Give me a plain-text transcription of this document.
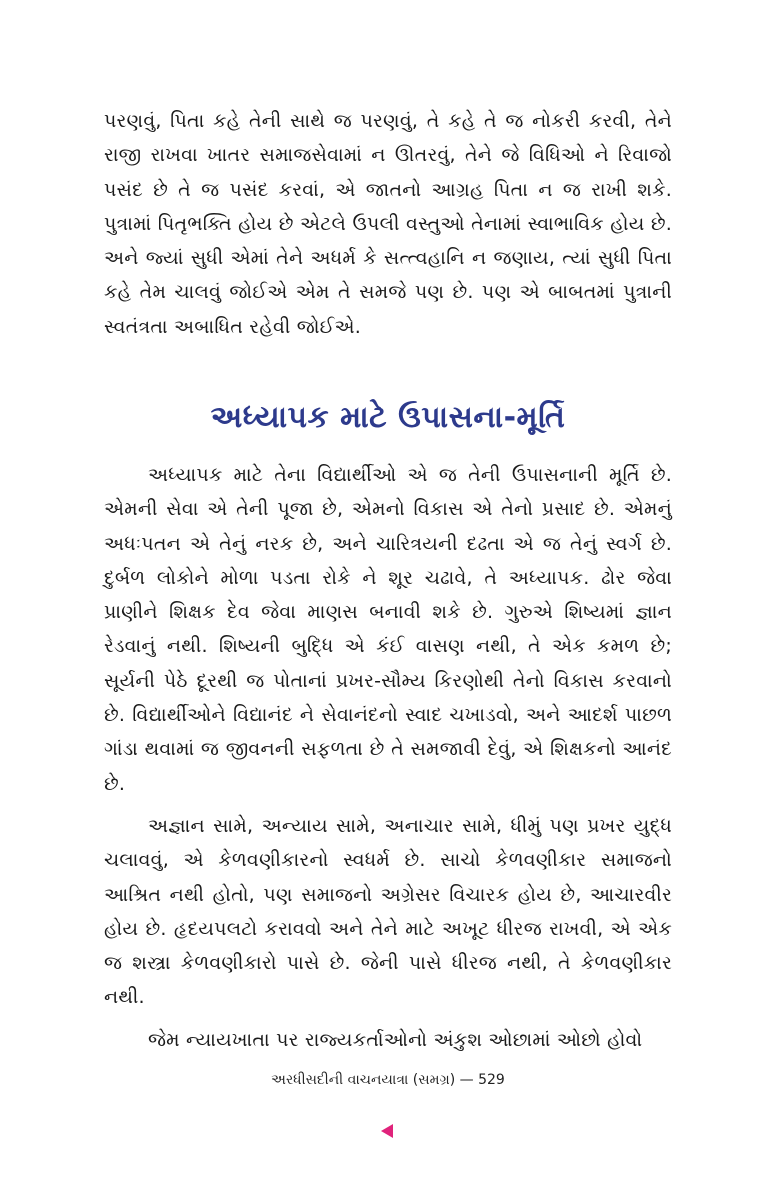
પરણવું, પિતા કહે તેની સાથે જ પરણવું, તે કહે તે જ નોકરી કરવી, તેને રાજી રાખવા ખાતર સમાજસેવામાં ન ઊતરવું, તેને જે વિધિઓ ને રિવાજો પસંદ છે તે જ પસંદ કરવાં, એ જાતનો આગ્રહ પિતા ન જ રાખી શકે. પુત્રામાં પિતૃભક્તિ હોય છે એટલે ઉપલી વસ્તુઓ તેનામાં સ્વાભાવિક હોય છે. અને જ્યાં સુધી એમાં તેને અધર્મ કે સત્ત્વહાનિ ન જણાય, ત્યાં સુધી પિતા કહે તેમ ચાલવું જોઈએ એમ તે સમજે પણ છે. પણ એ બાબતમાં પુત્રાની સ્વતંત્રતા અબાધિત રહેવી જોઈએ.

અધ્યાપક માટે ઉપાસના-મૂર્તિ

અધ્યાપક માટે તેના વિદ્યાર્થીઓ એ જ તેની ઉપાસનાની મૂર્તિ છે. એમની સેવા એ તેની પૂજા છે, એમનો વિકાસ એ તેનો પ્રસાદ છે. એમનું અધઃપતન એ તેનું નરક છે, અને ચારિત્રયની દઢતા એ જ તેનું સ્વર્ગ છે. દુર્બળ લોકોને મોળા પડતા રોકે ને શૂર ચઢાવે, તે અધ્યાપક. ઢોર જેવા પ્રાણીને શિક્ષક દેવ જેવા માણસ બનાવી શકે છે. ગુરુએ શિષ્યમાં જ્ઞાન રેડવાનું નથી. શિષ્યની બુદ્ધિ એ કંઈ વાસણ નથી, તે એક કમળ છે; સૂર્યની પેઠે દૂરથી જ પોતાનાં પ્રખર-સૌમ્ય કિરણોથી તેનો વિકાસ કરવાનો છે. વિદ્યાર્થીઓને વિદ્યાનંદ ને સેવાનંદનો સ્વાદ ચખાડવો, અને આદર્શ પાછળ ગાંડા થવામાં જ જીવનની સફળતા છે તે સમજાવી દેવું, એ શિક્ષકનો આનંદ છે.

અજ્ઞાન સામે, અન્યાય સામે, અનાચાર સામે, ધીમું પણ પ્રખર યુદ્ધ ચલાવવું, એ કેળવણીકારનો સ્વધર્મ છે. સાચો કેળવણીકાર સમાજનો આશ્રિત નથી હોતો, પણ સમાજનો અગ્રેસર વિચારક હોય છે, આચારવીર હોય છે. હૃદયપલટો કરાવવો અને તેને માટે અખૂટ ધીરજ રાખવી, એ એક જ શસ્ત્રા કેળવણીકારો પાસે છે. જેની પાસે ધીરજ નથી, તે કેળવણીકાર નથી.

જેમ ન્યાયખાતા પર રાજ્યકર્તાઓનો અંકુશ ઓછામાં ઓછો હોવો

અરધીસદીની વાચનયાત્રા (સમગ્ર) — 529
